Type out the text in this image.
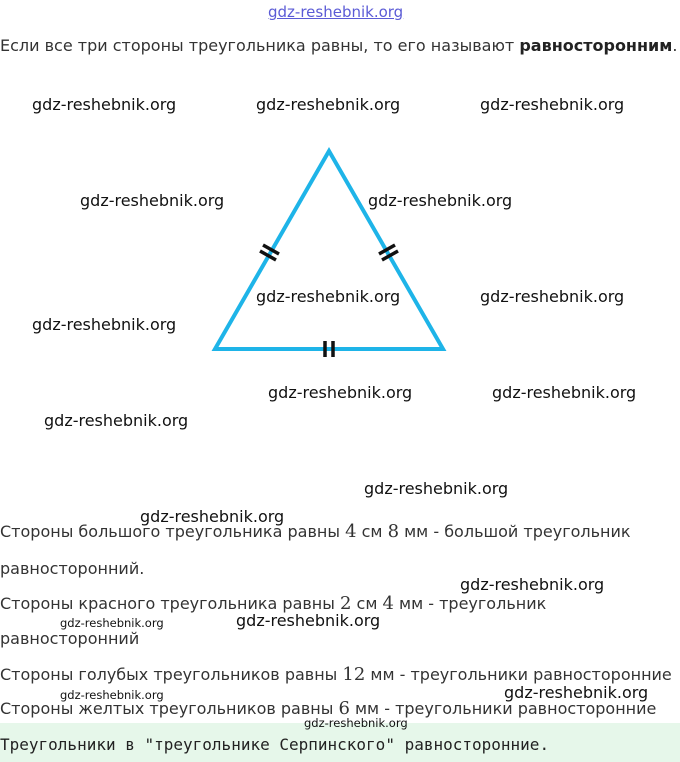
gdz-reshebnik.org
Если все три стороны треугольника равны, то его называют равносторонним.
gdz-reshebnik.org	gdz-reshebnik.org	gdz-reshebnik.org
gdz-reshebnik.org	gdz-reshebnik.org
gdz-reshebnik.org	gdz-reshebnik.org
gdz-reshebnik.org
gdz-reshebnik.org	gdz-reshebnik.org
gdz-reshebnik.org
gdz-reshebnik.org
gdz-reshebnik.org
Стороны большого треугольника равны 4 см 8 мм - большой треугольник
равносторонний.
gdz-reshebnik.org
Стороны красного треугольника равны 2 см 4 мм - треугольник
gdz-reshebnik.org	gdz-reshebnik.org
равносторонний
Стороны голубых треугольников равны 12 мм - треугольники равносторонние
gdz-reshebnik.org	gdz-reshebnik.org
Стороны желтых треугольников равны 6 мм - треугольники равносторонние
gdz-reshebnik.org
Треугольники в "треугольнике Серпинского" равносторонние.
